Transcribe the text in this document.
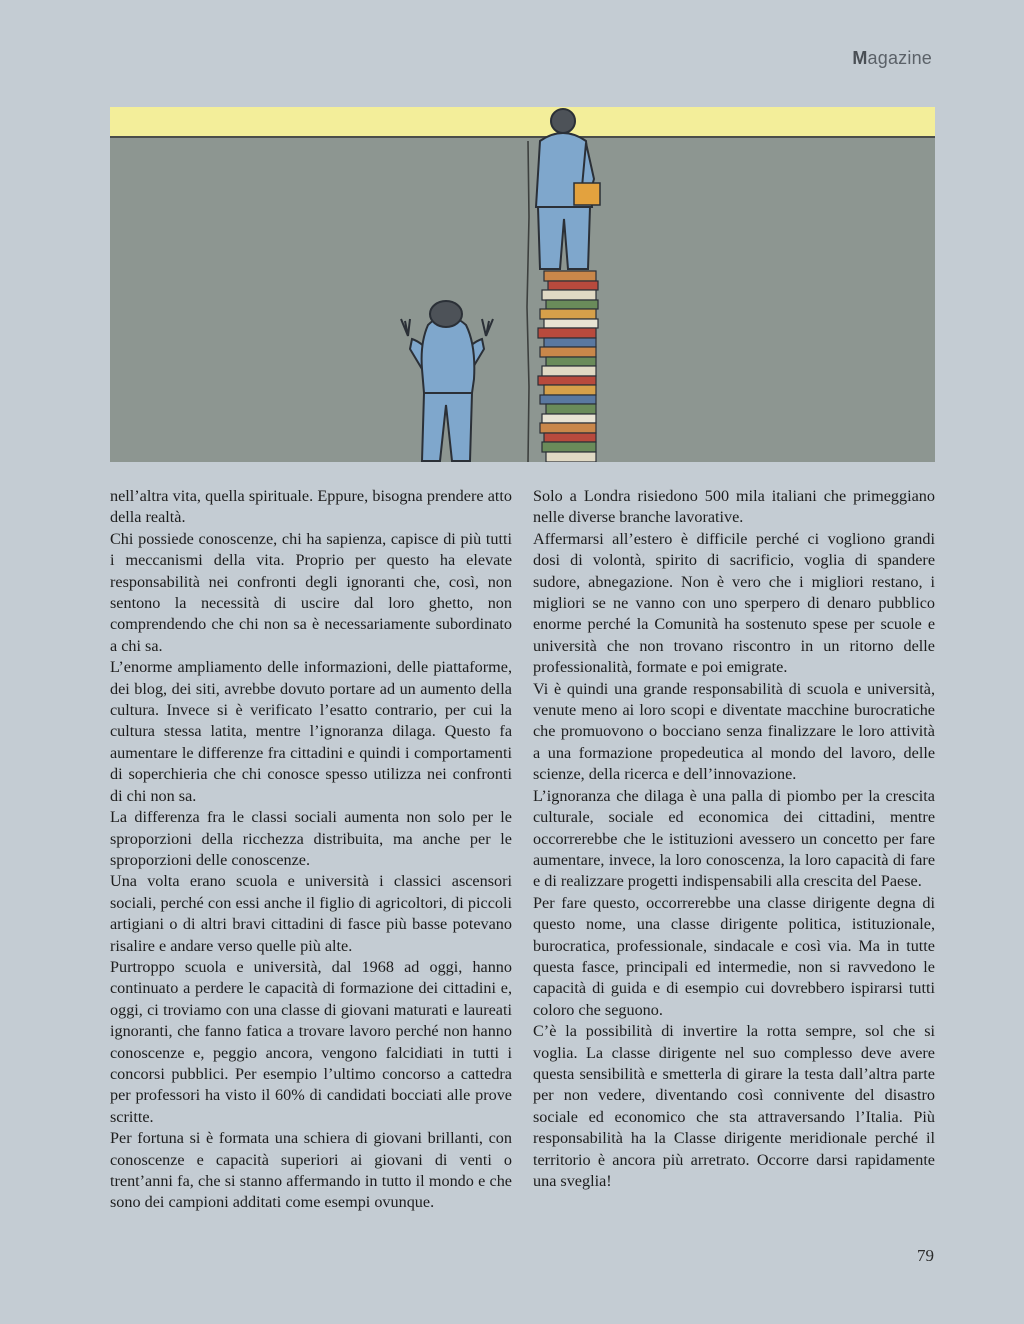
Magazine

nell’altra vita, quella spirituale. Eppure, bisogna prendere atto della realtà.

Chi possiede conoscenze, chi ha sapienza, capisce di più tutti i meccanismi della vita. Proprio per questo ha elevate responsabilità nei confronti degli ignoranti che, così, non sentono la necessità di uscire dal loro ghetto, non comprendendo che chi non sa è necessariamente subordinato a chi sa.

L’enorme ampliamento delle informazioni, delle piattaforme, dei blog, dei siti, avrebbe dovuto portare ad un aumento della cultura. Invece si è verificato l’esatto contrario, per cui la cultura stessa latita, mentre l’ignoranza dilaga. Questo fa aumentare le differenze fra cittadini e quindi i comportamenti di soperchieria che chi conosce spesso utilizza nei confronti di chi non sa.

La differenza fra le classi sociali aumenta non solo per le sproporzioni della ricchezza distribuita, ma anche per le sproporzioni delle conoscenze.

Una volta erano scuola e università i classici ascensori sociali, perché con essi anche il figlio di agricoltori, di piccoli artigiani o di altri bravi cittadini di fasce più basse potevano risalire e andare verso quelle più alte.

Purtroppo scuola e università, dal 1968 ad oggi, hanno continuato a perdere le capacità di formazione dei cittadini e, oggi, ci troviamo con una classe di giovani maturati e laureati ignoranti, che fanno fatica a trovare lavoro perché non hanno conoscenze e, peggio ancora, vengono falcidiati in tutti i concorsi pubblici. Per esempio l’ultimo concorso a cattedra per professori ha visto il 60% di candidati bocciati alle prove scritte.

Per fortuna si è formata una schiera di giovani brillanti, con conoscenze e capacità superiori ai giovani di venti o trent’anni fa, che si stanno affermando in tutto il mondo e che sono dei campioni additati come esempi ovunque.

Solo a Londra risiedono 500 mila italiani che primeggiano nelle diverse branche lavorative.

Affermarsi all’estero è difficile perché ci vogliono grandi dosi di volontà, spirito di sacrificio, voglia di spandere sudore, abnegazione. Non è vero che i migliori restano, i migliori se ne vanno con uno sperpero di denaro pubblico enorme perché la Comunità ha sostenuto spese per scuole e università che non trovano riscontro in un ritorno delle professionalità, formate e poi emigrate.

Vi è quindi una grande responsabilità di scuola e università, venute meno ai loro scopi e diventate macchine burocratiche che promuovono o bocciano senza finalizzare le loro attività a una formazione propedeutica al mondo del lavoro, delle scienze, della ricerca e dell’innovazione.

L’ignoranza che dilaga è una palla di piombo per la crescita culturale, sociale ed economica dei cittadini, mentre occorrerebbe che le istituzioni avessero un concetto per fare aumentare, invece, la loro conoscenza, la loro capacità di fare e di realizzare progetti indispensabili alla crescita del Paese.

Per fare questo, occorrerebbe una classe dirigente degna di questo nome, una classe dirigente politica, istituzionale, burocratica, professionale, sindacale e così via. Ma in tutte questa fasce, principali ed intermedie, non si ravvedono le capacità di guida e di esempio cui dovrebbero ispirarsi tutti coloro che seguono.

C’è la possibilità di invertire la rotta sempre, sol che si voglia. La classe dirigente nel suo complesso deve avere questa sensibilità e smetterla di girare la testa dall’altra parte per non vedere, diventando così connivente del disastro sociale ed economico che sta attraversando l’Italia. Più responsabilità ha la Classe dirigente meridionale perché il territorio è ancora più arretrato. Occorre darsi rapidamente una sveglia!

79
